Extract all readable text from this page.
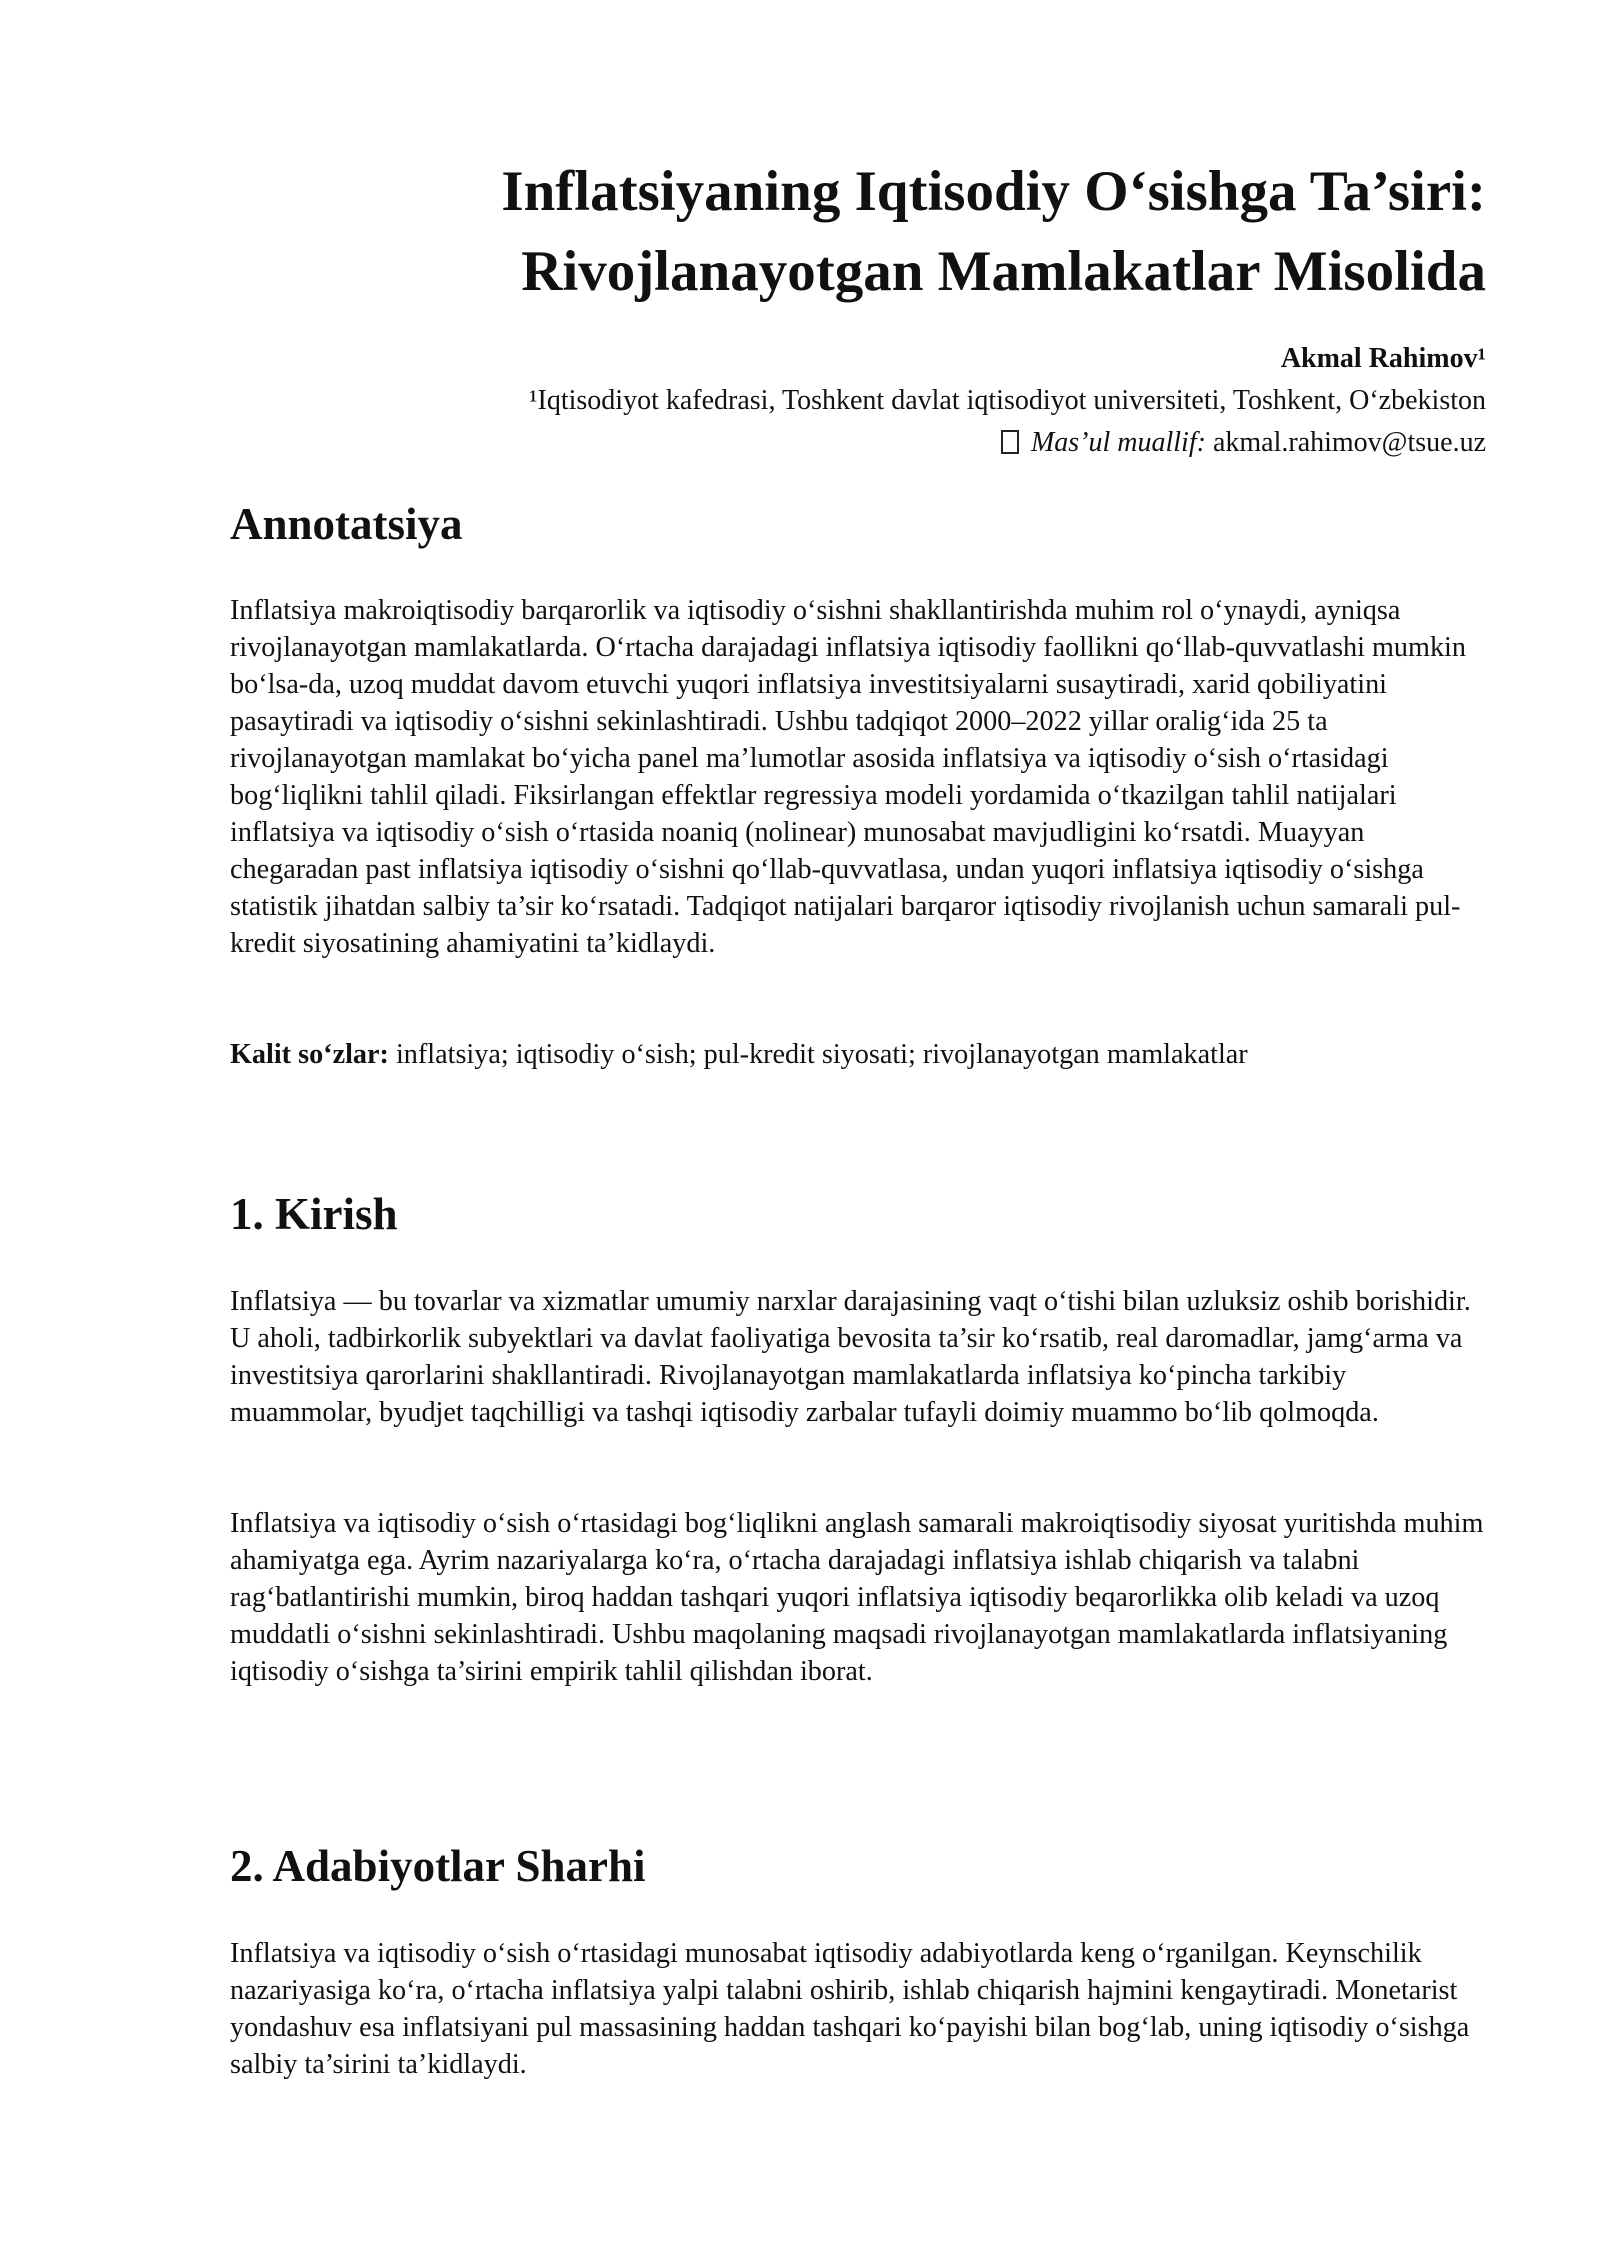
Inflatsiyaning Iqtisodiy O‘sishga Ta’siri:
Rivojlanayotgan Mamlakatlar Misolida
Akmal Rahimov¹
¹Iqtisodiyot kafedrasi, Toshkent davlat iqtisodiyot universiteti, Toshkent, O‘zbekiston
Mas’ul muallif: akmal.rahimov@tsue.uz
Annotatsiya

Inflatsiya makroiqtisodiy barqarorlik va iqtisodiy o‘sishni shakllantirishda muhim rol o‘ynaydi, ayniqsa rivojlanayotgan mamlakatlarda. O‘rtacha darajadagi inflatsiya iqtisodiy faollikni qo‘llab-quvvatlashi mumkin bo‘lsa-da, uzoq muddat davom etuvchi yuqori inflatsiya investitsiyalarni susaytiradi, xarid qobiliyatini pasaytiradi va iqtisodiy o‘sishni sekinlashtiradi. Ushbu tadqiqot 2000–2022 yillar oralig‘ida 25 ta rivojlanayotgan mamlakat bo‘yicha panel ma’lumotlar asosida inflatsiya va iqtisodiy o‘sish o‘rtasidagi bog‘liqlikni tahlil qiladi. Fiksirlangan effektlar regressiya modeli yordamida o‘tkazilgan tahlil natijalari inflatsiya va iqtisodiy o‘sish o‘rtasida noaniq (nolinear) munosabat mavjudligini ko‘rsatdi. Muayyan chegaradan past inflatsiya iqtisodiy o‘sishni qo‘llab-quvvatlasa, undan yuqori inflatsiya iqtisodiy o‘sishga statistik jihatdan salbiy ta’sir ko‘rsatadi. Tadqiqot natijalari barqaror iqtisodiy rivojlanish uchun samarali pul-kredit siyosatining ahamiyatini ta’kidlaydi.

Kalit so‘zlar: inflatsiya; iqtisodiy o‘sish; pul-kredit siyosati; rivojlanayotgan mamlakatlar

1. Kirish

Inflatsiya — bu tovarlar va xizmatlar umumiy narxlar darajasining vaqt o‘tishi bilan uzluksiz oshib borishidir. U aholi, tadbirkorlik subyektlari va davlat faoliyatiga bevosita ta’sir ko‘rsatib, real daromadlar, jamg‘arma va investitsiya qarorlarini shakllantiradi. Rivojlanayotgan mamlakatlarda inflatsiya ko‘pincha tarkibiy muammolar, byudjet taqchilligi va tashqi iqtisodiy zarbalar tufayli doimiy muammo bo‘lib qolmoqda.

Inflatsiya va iqtisodiy o‘sish o‘rtasidagi bog‘liqlikni anglash samarali makroiqtisodiy siyosat yuritishda muhim ahamiyatga ega. Ayrim nazariyalarga ko‘ra, o‘rtacha darajadagi inflatsiya ishlab chiqarish va talabni rag‘batlantirishi mumkin, biroq haddan tashqari yuqori inflatsiya iqtisodiy beqarorlikka olib keladi va uzoq muddatli o‘sishni sekinlashtiradi. Ushbu maqolaning maqsadi rivojlanayotgan mamlakatlarda inflatsiyaning iqtisodiy o‘sishga ta’sirini empirik tahlil qilishdan iborat.

2. Adabiyotlar Sharhi

Inflatsiya va iqtisodiy o‘sish o‘rtasidagi munosabat iqtisodiy adabiyotlarda keng o‘rganilgan. Keynschilik nazariyasiga ko‘ra, o‘rtacha inflatsiya yalpi talabni oshirib, ishlab chiqarish hajmini kengaytiradi. Monetarist yondashuv esa inflatsiyani pul massasining haddan tashqari ko‘payishi bilan bog‘lab, uning iqtisodiy o‘sishga salbiy ta’sirini ta’kidlaydi.
